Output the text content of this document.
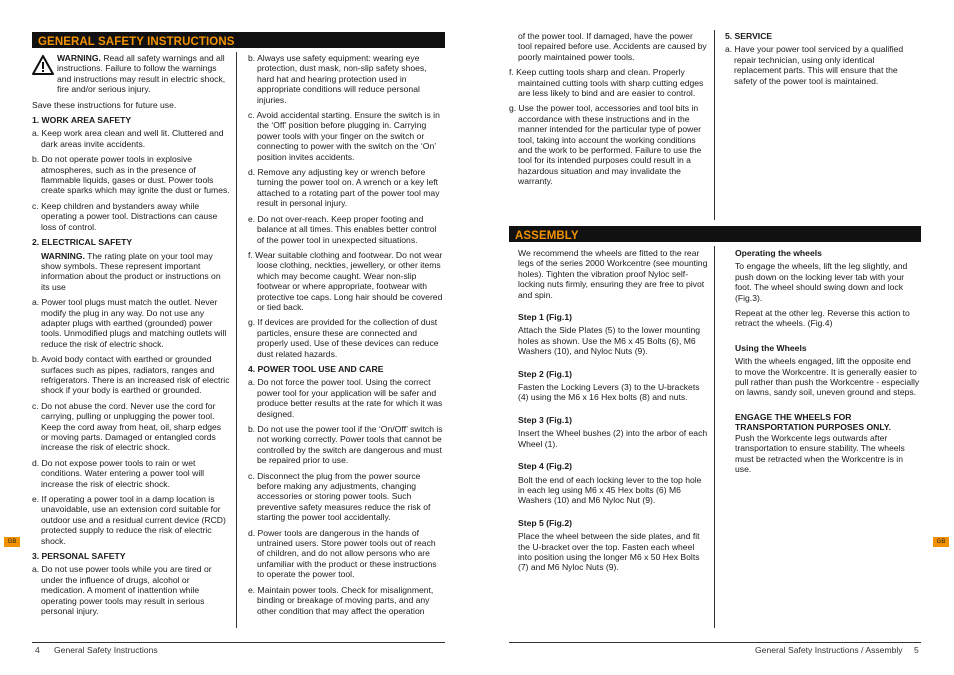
GENERAL SAFETY INSTRUCTIONS

WARNING. Read all safety warnings and all instructions. Failure to follow the warnings and instructions may result in electric shock, fire and/or serious injury.

Save these instructions for future use.

1. WORK AREA SAFETY
a. Keep work area clean and well lit. Cluttered and dark areas invite accidents.
b. Do not operate power tools in explosive atmospheres, such as in the presence of flammable liquids, gases or dust. Power tools create sparks which may ignite the dust or fumes.
c. Keep children and bystanders away while operating a power tool. Distractions can cause loss of control.
2. ELECTRICAL SAFETY

WARNING. The rating plate on your tool may show symbols. These represent important information about the product or instructions on its use

a. Power tool plugs must match the outlet. Never modify the plug in any way. Do not use any adapter plugs with earthed (grounded) power tools. Unmodified plugs and matching outlets will reduce the risk of electric shock.
b. Avoid body contact with earthed or grounded surfaces such as pipes, radiators, ranges and refrigerators. There is an increased risk of electric shock if your body is earthed or grounded.
c. Do not abuse the cord. Never use the cord for carrying, pulling or unplugging the power tool. Keep the cord away from heat, oil, sharp edges or moving parts. Damaged or entangled cords increase the risk of electric shock.
d. Do not expose power tools to rain or wet conditions. Water entering a power tool will increase the risk of electric shock.
e. If operating a power tool in a damp location is unavoidable, use an extension cord suitable for outdoor use and a residual current device (RCD) protected supply to reduce the risk of electric shock.
3. PERSONAL SAFETY
a. Do not use power tools while you are tired or under the influence of drugs, alcohol or medication. A moment of inattention while operating power tools may result in serious personal injury.
b. Always use safety equipment: wearing eye protection, dust mask, non-slip safety shoes, hard hat and hearing protection used in appropriate conditions will reduce personal injuries.
c. Avoid accidental starting. Ensure the switch is in the ‘Off’ position before plugging in. Carrying power tools with your finger on the switch or connecting to power with the switch on the ‘On’ position invites accidents.
d. Remove any adjusting key or wrench before turning the power tool on. A wrench or a key left attached to a rotating part of the power tool may result in personal injury.
e. Do not over-reach. Keep proper footing and balance at all times. This enables better control of the power tool in unexpected situations.
f. Wear suitable clothing and footwear. Do not wear loose clothing, neckties, jewellery, or other items which may become caught. Wear non-slip footwear or where appropriate, footwear with protective toe caps. Long hair should be covered or tied back.
g. If devices are provided for the collection of dust particles, ensure these are connected and properly used. Use of these devices can reduce dust related hazards.
4. POWER TOOL USE AND CARE
a. Do not force the power tool. Using the correct power tool for your application will be safer and produce better results at the rate for which it was designed.
b. Do not use the power tool if the ‘On/Off’ switch is not working correctly. Power tools that cannot be controlled by the switch are dangerous and must be repaired prior to use.
c. Disconnect the plug from the power source before making any adjustments, changing accessories or storing power tools. Such preventive safety measures reduce the risk of starting the power tool accidentally.
d. Power tools are dangerous in the hands of untrained users. Store power tools out of reach of children, and do not allow persons who are unfamiliar with the product or these instructions to operate the power tool.
e. Maintain power tools. Check for misalignment, binding or breakage of moving parts, and any other condition that may affect the operation
4 General Safety Instructions
GB

of the power tool. If damaged, have the power tool repaired before use. Accidents are caused by poorly maintained power tools.

f. Keep cutting tools sharp and clean. Properly maintained cutting tools with sharp cutting edges are less likely to bind and are easier to control.
g. Use the power tool, accessories and tool bits in accordance with these instructions and in the manner intended for the particular type of power tool, taking into account the working conditions and the work to be performed. Failure to use the tool for its intended purposes could result in a hazardous situation and may invalidate the warranty.
5. SERVICE
a. Have your power tool serviced by a qualified repair technician, using only identical replacement parts. This will ensure that the safety of the power tool is maintained.
ASSEMBLY

We recommend the wheels are fitted to the rear legs of the series 2000 Workcentre (see mounting holes). Tighten the vibration proof Nyloc self-locking nuts firmly, ensuring they are free to pivot and spin.

Step 1 (Fig.1)

Attach the Side Plates (5) to the lower mounting holes as shown. Use the M6 x 45 Bolts (6), M6 Washers (10), and Nyloc Nuts (9).

Step 2 (Fig.1)

Fasten the Locking Levers (3) to the U-brackets (4) using the M6 x 16 Hex bolts (8) and nuts.

Step 3 (Fig.1)

Insert the Wheel bushes (2) into the arbor of each Wheel (1).

Step 4 (Fig.2)

Bolt the end of each locking lever to the top hole in each leg using M6 x 45 Hex bolts (6) M6 Washers (10) and M6 Nyloc Nut (9).

Step 5 (Fig.2)

Place the wheel between the side plates, and fit the U-bracket over the top. Fasten each wheel into position using the longer M6 x 50 Hex Bolts (7) and M6 Nyloc Nuts (9).

Operating the wheels

To engage the wheels, lift the leg slightly, and push down on the locking lever tab with your foot. The wheel should swing down and lock (Fig.3).

Repeat at the other leg. Reverse this action to retract the wheels. (Fig.4)

Using the Wheels

With the wheels engaged, lift the opposite end to move the Workcentre. It is generally easier to pull rather than push the Workcentre - especially on lawns, sandy soil, uneven ground and steps.

ENGAGE THE WHEELS FOR TRANSPORTATION PURPOSES ONLY.

Push the Workcente legs outwards after transportation to ensure stability. The wheels must be retracted when the Workcentre is in use.

General Safety Instructions / Assembly 5
GB
